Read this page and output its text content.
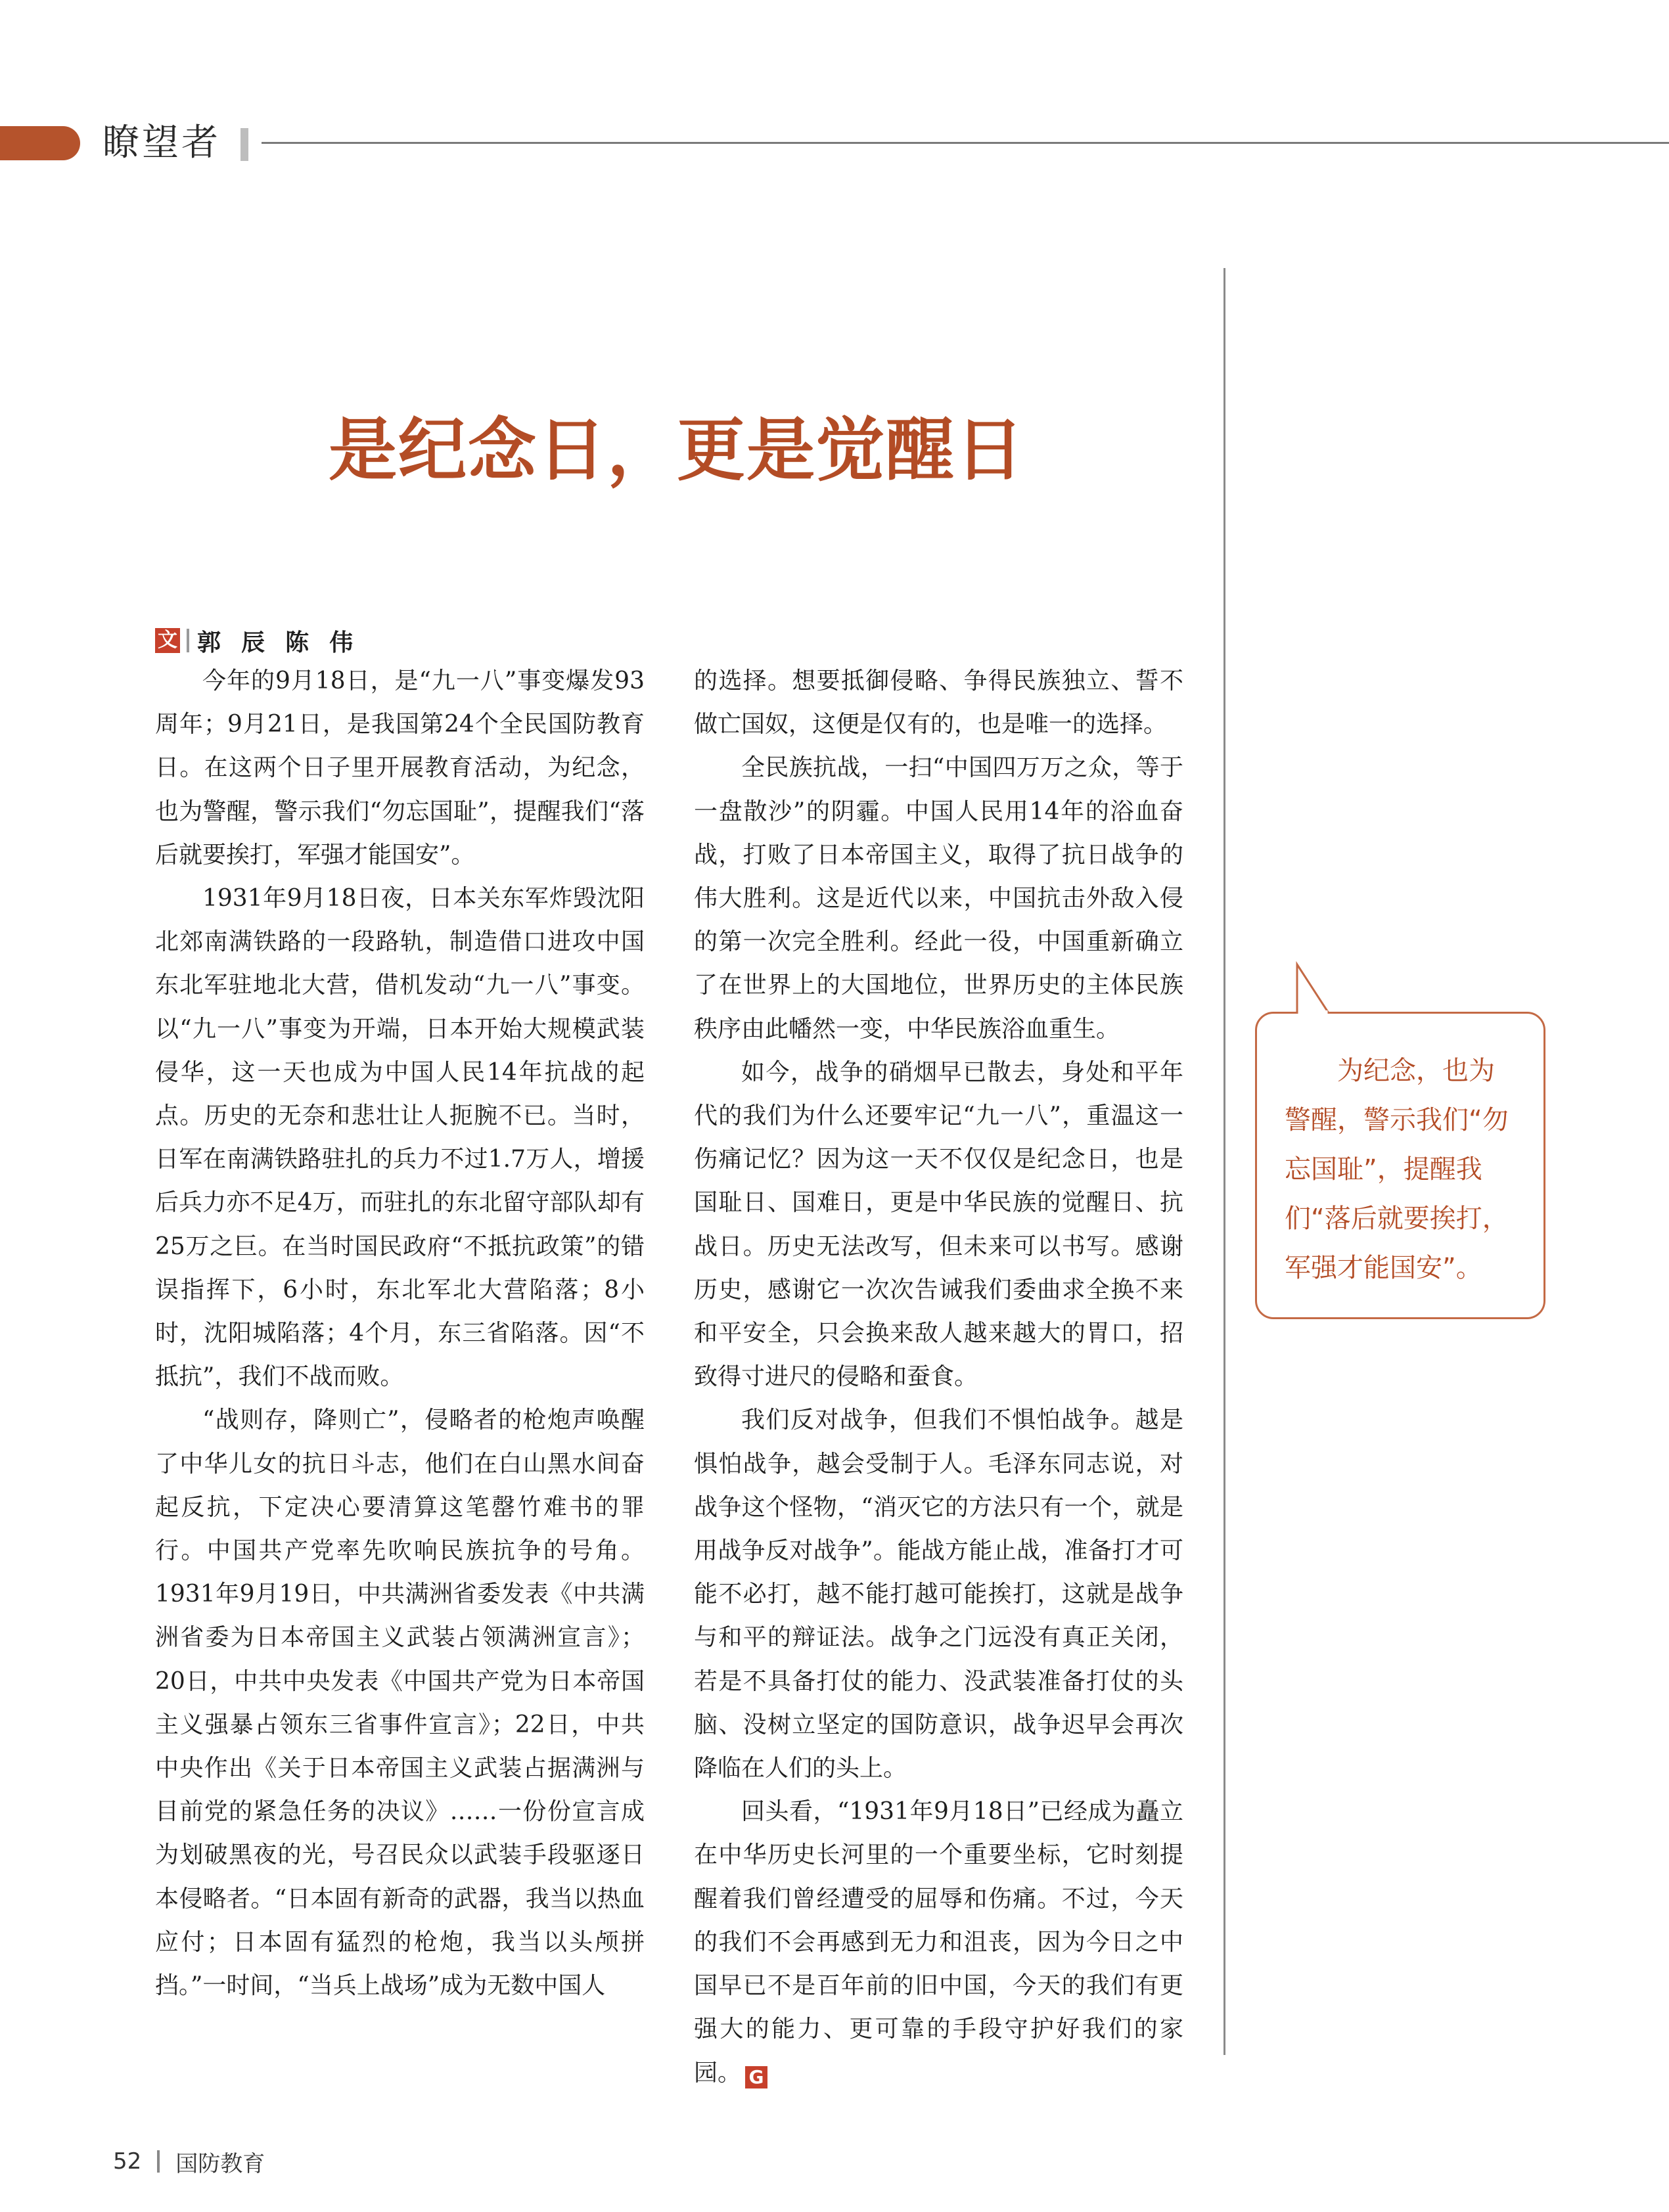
瞭望者
是纪念日，更是觉醒日
文 郭  辰  陈  伟

今年的9月18日，是“九一八”事变爆发93周年；9月21日，是我国第24个全民国防教育日。在这两个日子里开展教育活动，为纪念，也为警醒，警示我们“勿忘国耻”，提醒我们“落后就要挨打，军强才能国安”。

1931年9月18日夜，日本关东军炸毁沈阳北郊南满铁路的一段路轨，制造借口进攻中国东北军驻地北大营，借机发动“九一八”事变。以“九一八”事变为开端，日本开始大规模武装侵华，这一天也成为中国人民14年抗战的起点。历史的无奈和悲壮让人扼腕不已。当时，日军在南满铁路驻扎的兵力不过1.7万人，增援后兵力亦不足4万，而驻扎的东北留守部队却有25万之巨。在当时国民政府“不抵抗政策”的错误指挥下，6小时，东北军北大营陷落；8小时，沈阳城陷落；4个月，东三省陷落。因“不抵抗”，我们不战而败。

“战则存，降则亡”，侵略者的枪炮声唤醒了中华儿女的抗日斗志，他们在白山黑水间奋起反抗，下定决心要清算这笔罄竹难书的罪行。中国共产党率先吹响民族抗争的号角。1931年9月19日，中共满洲省委发表《中共满洲省委为日本帝国主义武装占领满洲宣言》；20日，中共中央发表《中国共产党为日本帝国主义强暴占领东三省事件宣言》；22日，中共中央作出《关于日本帝国主义武装占据满洲与目前党的紧急任务的决议》……一份份宣言成为划破黑夜的光，号召民众以武装手段驱逐日本侵略者。“日本固有新奇的武器，我当以热血应付；日本固有猛烈的枪炮，我当以头颅拼挡。”一时间，“当兵上战场”成为无数中国人

的选择。想要抵御侵略、争得民族独立、誓不做亡国奴，这便是仅有的，也是唯一的选择。

全民族抗战，一扫“中国四万万之众，等于一盘散沙”的阴霾。中国人民用14年的浴血奋战，打败了日本帝国主义，取得了抗日战争的伟大胜利。这是近代以来，中国抗击外敌入侵的第一次完全胜利。经此一役，中国重新确立了在世界上的大国地位，世界历史的主体民族秩序由此幡然一变，中华民族浴血重生。

如今，战争的硝烟早已散去，身处和平年代的我们为什么还要牢记“九一八”，重温这一伤痛记忆？因为这一天不仅仅是纪念日，也是国耻日、国难日，更是中华民族的觉醒日、抗战日。历史无法改写，但未来可以书写。感谢历史，感谢它一次次告诫我们委曲求全换不来和平安全，只会换来敌人越来越大的胃口，招致得寸进尺的侵略和蚕食。

我们反对战争，但我们不惧怕战争。越是惧怕战争，越会受制于人。毛泽东同志说，对战争这个怪物，“消灭它的方法只有一个，就是用战争反对战争”。能战方能止战，准备打才可能不必打，越不能打越可能挨打，这就是战争与和平的辩证法。战争之门远没有真正关闭，若是不具备打仗的能力、没武装准备打仗的头脑、没树立坚定的国防意识，战争迟早会再次降临在人们的头上。

回头看，“1931年9月18日”已经成为矗立在中华历史长河里的一个重要坐标，它时刻提醒着我们曾经遭受的屈辱和伤痛。不过，今天的我们不会再感到无力和沮丧，因为今日之中国早已不是百年前的旧中国，今天的我们有更强大的能力、更可靠的手段守护好我们的家园。 G

为纪念，也为警醒，警示我们“勿忘国耻”，提醒我们“落后就要挨打，军强才能国安”。

52 国防教育
